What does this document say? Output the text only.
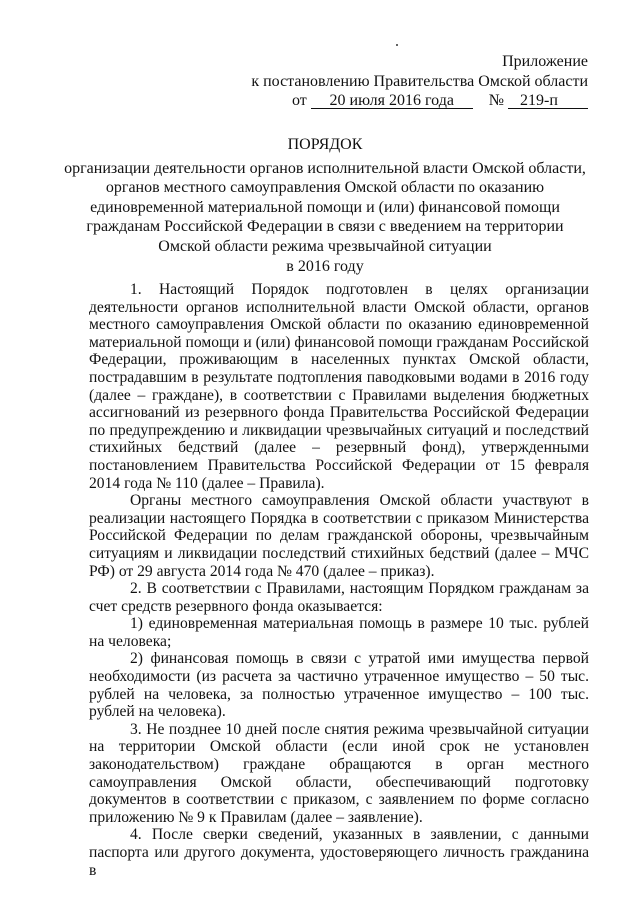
Приложение
к постановлению Правительства Омской области
от 20 июля 2016 года № 219-п
ПОРЯДОК
организации деятельности органов исполнительной власти Омской области,
органов местного самоуправления Омской области по оказанию
единовременной материальной помощи и (или) финансовой помощи
гражданам Российской Федерации в связи с введением на территории
Омской области режима чрезвычайной ситуации
в 2016 году

1. Настоящий Порядок подготовлен в целях организации деятельности органов исполнительной власти Омской области, органов местного самоуправления Омской области по оказанию единовременной материальной помощи и (или) финансовой помощи гражданам Российской Федерации, проживающим в населенных пунктах Омской области, пострадавшим в результате подтопления паводковыми водами в 2016 году (далее – граждане), в соответствии с Правилами выделения бюджетных ассигнований из резервного фонда Правительства Российской Федерации по предупреждению и ликвидации чрезвычайных ситуаций и последствий стихийных бедствий (далее – резервный фонд), утвержденными постановлением Правительства Российской Федерации от 15 февраля 2014 года № 110 (далее – Правила).

Органы местного самоуправления Омской области участвуют в реализации настоящего Порядка в соответствии с приказом Министерства Российской Федерации по делам гражданской обороны, чрезвычайным ситуациям и ликвидации последствий стихийных бедствий (далее – МЧС РФ) от 29 августа 2014 года № 470 (далее – приказ).

2. В соответствии с Правилами, настоящим Порядком гражданам за счет средств резервного фонда оказывается:

1) единовременная материальная помощь в размере 10 тыс. рублей на человека;

2) финансовая помощь в связи с утратой ими имущества первой необходимости (из расчета за частично утраченное имущество – 50 тыс. рублей на человека, за полностью утраченное имущество – 100 тыс. рублей на человека).

3. Не позднее 10 дней после снятия режима чрезвычайной ситуации на территории Омской области (если иной срок не установлен законодательством) граждане обращаются в орган местного самоуправления Омской области, обеспечивающий подготовку документов в соответствии с приказом, с заявлением по форме согласно приложению № 9 к Правилам (далее – заявление).

4. После сверки сведений, указанных в заявлении, с данными паспорта или другого документа, удостоверяющего личность гражданина в
